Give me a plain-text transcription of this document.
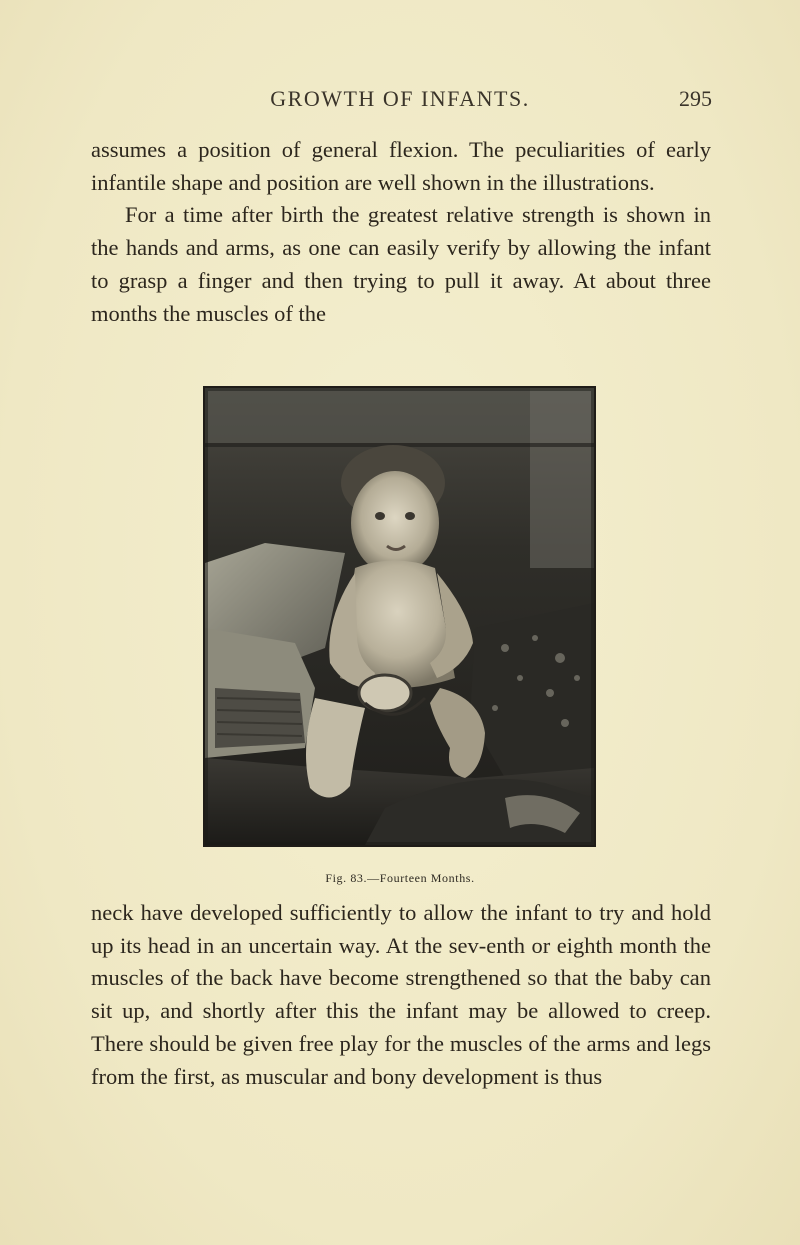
GROWTH OF INFANTS.	295

assumes a position of general flexion. The peculiarities of early infantile shape and position are well shown in the illustrations.

For a time after birth the greatest relative strength is shown in the hands and arms, as one can easily verify by allowing the infant to grasp a finger and then trying to pull it away. At about three months the muscles of the

Fig. 83.—Fourteen Months.

neck have developed sufficiently to allow the infant to try and hold up its head in an uncertain way. At the sev-enth or eighth month the muscles of the back have become strengthened so that the baby can sit up, and shortly after this the infant may be allowed to creep. There should be given free play for the muscles of the arms and legs from the first, as muscular and bony development is thus
